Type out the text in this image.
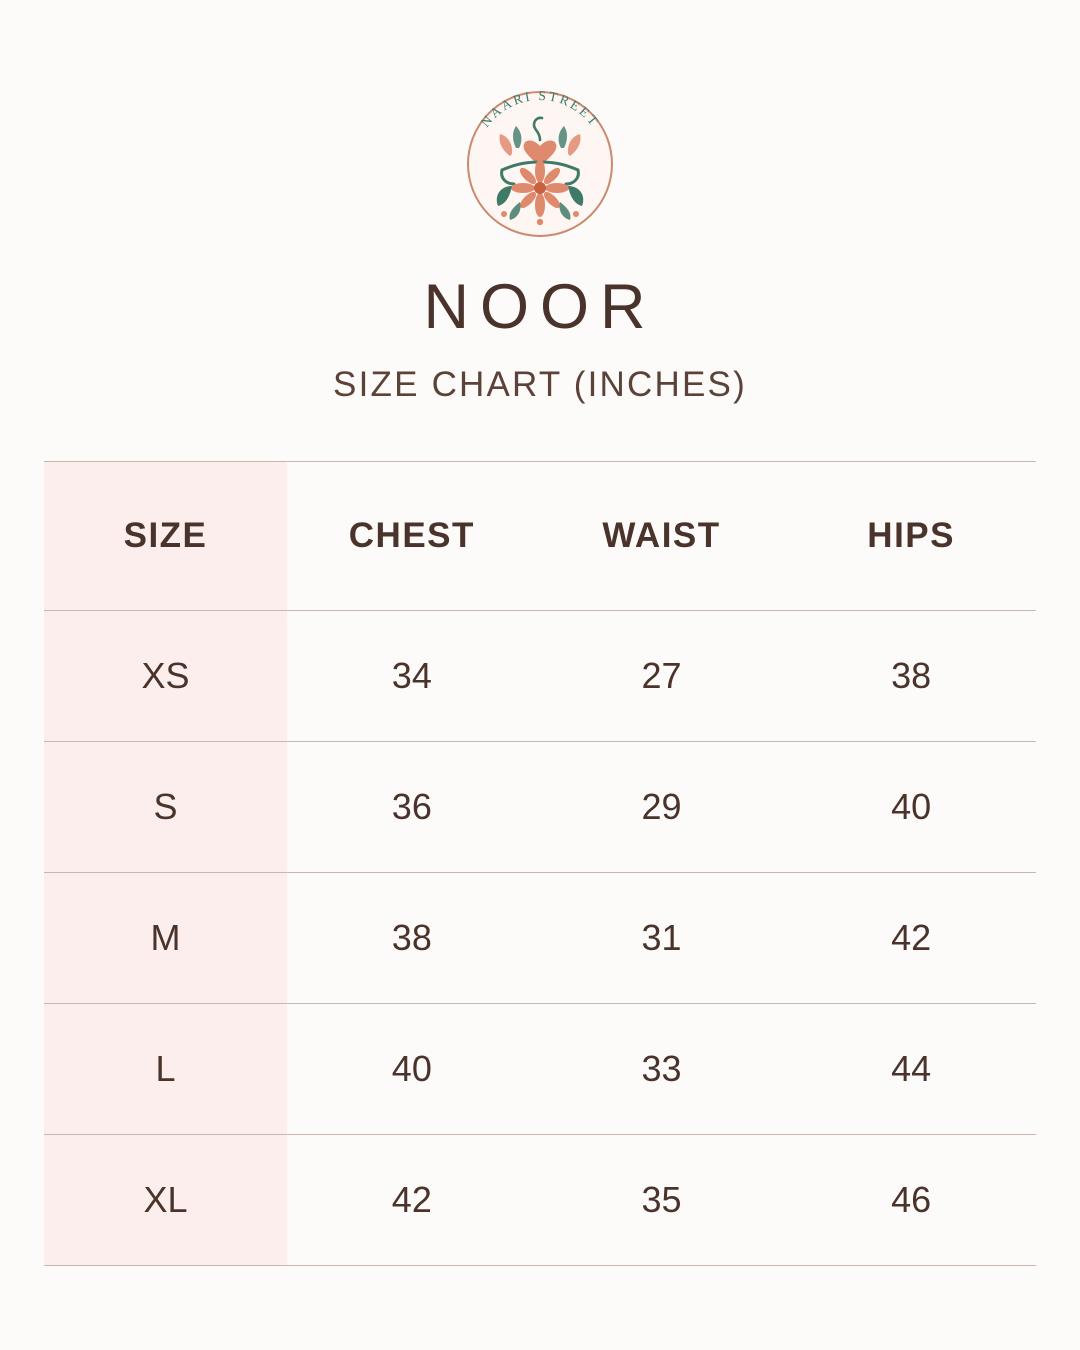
NAARI STREET
NOOR
SIZE CHART (INCHES)
SIZE	CHEST	WAIST	HIPS
XS	34	27	38
S	36	29	40
M	38	31	42
L	40	33	44
XL	42	35	46
